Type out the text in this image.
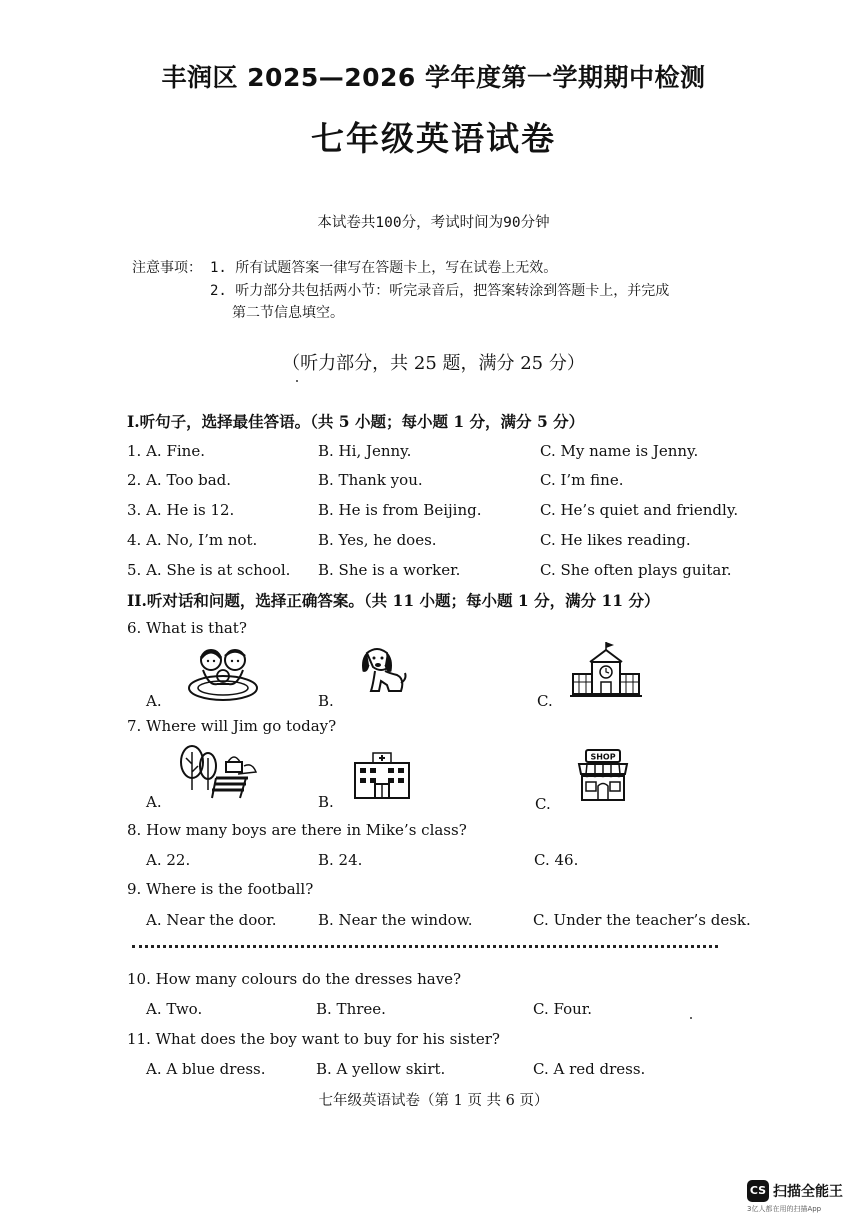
丰润区 2025—2026 学年度第一学期期中检测
七年级英语试卷
本试卷共100分，考试时间为90分钟
注意事项： 1. 所有试题答案一律写在答题卡上，写在试卷上无效。
2. 听力部分共包括两小节：听完录音后，把答案转涂到答题卡上，并完成
第二节信息填空。
（听力部分，共 25 题，满分 25 分）
I.听句子，选择最佳答语。（共 5 小题；每小题 1 分，满分 5 分）
1. A. Fine.	B. Hi, Jenny.	C. My name is Jenny.
2. A. Too bad.	B. Thank you.	C. I’m fine.
3. A. He is 12.	B. He is from Beijing.	C. He’s quiet and friendly.
4. A. No, I’m not.	B. Yes, he does.	C. He likes reading.
5. A. She is at school. B. She is a worker.	C. She often plays guitar.
II.听对话和问题，选择正确答案。（共 11 小题；每小题 1 分，满分 11 分）
6. What is that?
A.	B.	C.
7. Where will Jim go today?
A.	B.	C.
SHOP
8. How many boys are there in Mike’s class?
A. 22.	B. 24.	C. 46.
9. Where is the football?
A. Near the door.	B. Near the window.	C. Under the teacher’s desk.
10. How many colours do the dresses have?
A. Two.	B. Three.	C. Four.
11. What does the boy want to buy for his sister?
A. A blue dress.	B. A yellow skirt.	C. A red dress.
七年级英语试卷（第 1 页 共 6 页）
CS 扫描全能王
3亿人都在用的扫描App
